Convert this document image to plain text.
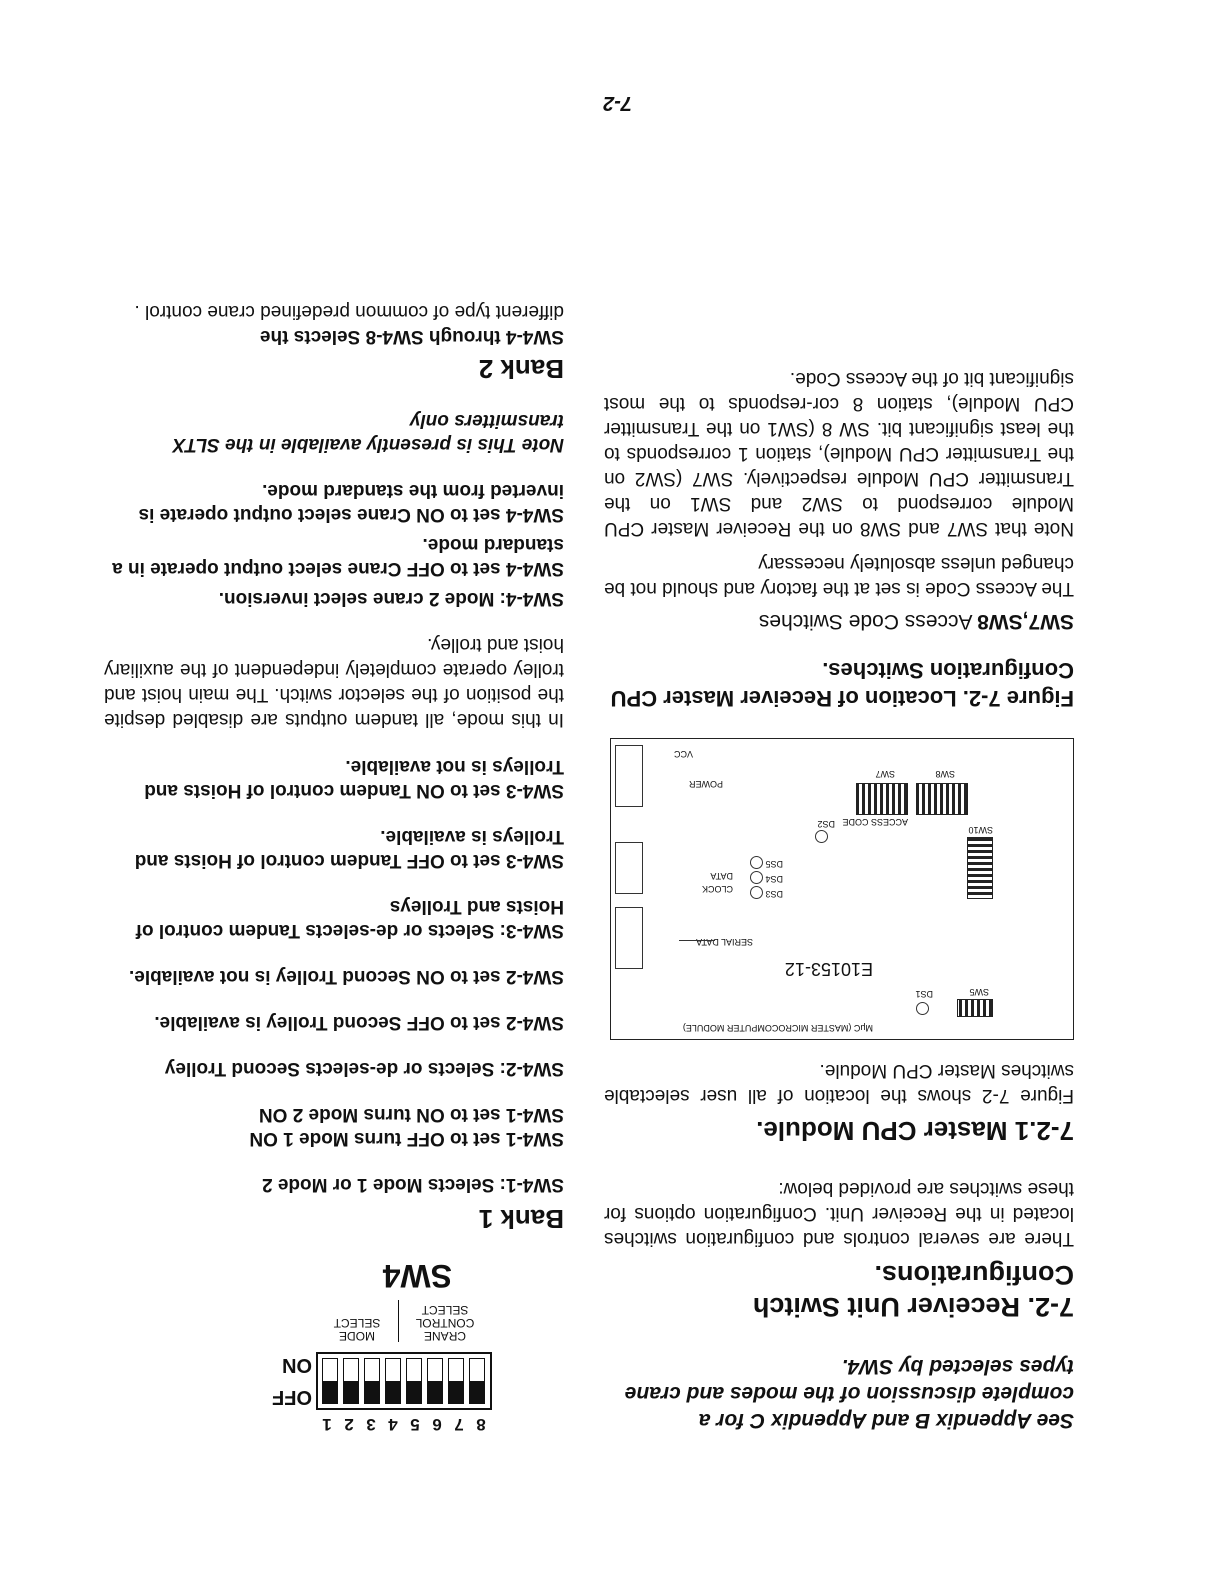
See Appendix B and Appendix C for a complete discussion of the modes and crane types selected by SW4.

7-2. Receiver Unit Switch Configurations.

There are several controls and configuration switches located in the Receiver Unit. Configuration options for these switches are provided below:

7-2.1 Master CPU Module.

Figure 7-2 shows the location of all user selectable switches Master CPU Module.

MμC (MASTER MICROCOMPUTER MODULE)
E10153-12
SW5
DS1
SERIAL DATA
SW10
DS2
DS3
DS4
DS5
CLOCK
DATA
ACCESS CODE
SW8
SW7
POWER
VCC

Figure 7-2. Location of Receiver Master CPU Configuration Switches.

SW7,SW8 Access Code Switches

The Access Code is set at the factory and should not be changed unless absolutely necessary

Note that SW7 and SW8 on the Receiver Master CPU Module correspond to SW2 and SW1 on the Transmitter CPU Module respectively. SW7 (SW2 on the Transmitter CPU Module), station 1 corresponds to the least significant bit. SW 8 (SW1 on the Transmitter CPU Module), station 8 cor-responds to the most significant bit of the Access Code.

8
7
6
5
4
3
2
1
OFF
ON
CRANE CONTROL SELECT
MODE SELECT
SW4
Bank 1

SW4-1: Selects Mode 1 or Mode 2

SW4-1 set to OFF turns Mode 1 ON

SW4-1 set to ON turns Mode 2 ON

SW4-2: Selects or de-selects Second Trolley

SW4-2 set to OFF Second Trolley is available.

SW4-2 set to ON Second Trolley is not available.

SW4-3: Selects or de-selects Tandem control of Hoists and Trolleys

SW4-3 set to OFF Tandem control of Hoists and Trolleys is available.

SW4-3 set to ON Tandem control of Hoists and Trolleys is not available.

In this mode, all tandem outputs are disabled despite the position of the selector switch. The main hoist and trolley operate completely independent of the auxiliary hoist and trolley.

SW4-4: Mode 2 crane select inversion.

SW4-4 set to OFF Crane select output operate in a standard mode.

SW4-4 set to ON Crane select output operate is inverted from the standard mode.

Note This is presently available in the SLTX transmitters only

Bank 2

SW4-4 through SW4-8 Selects the

different type of common predefined crane control .

7-2
